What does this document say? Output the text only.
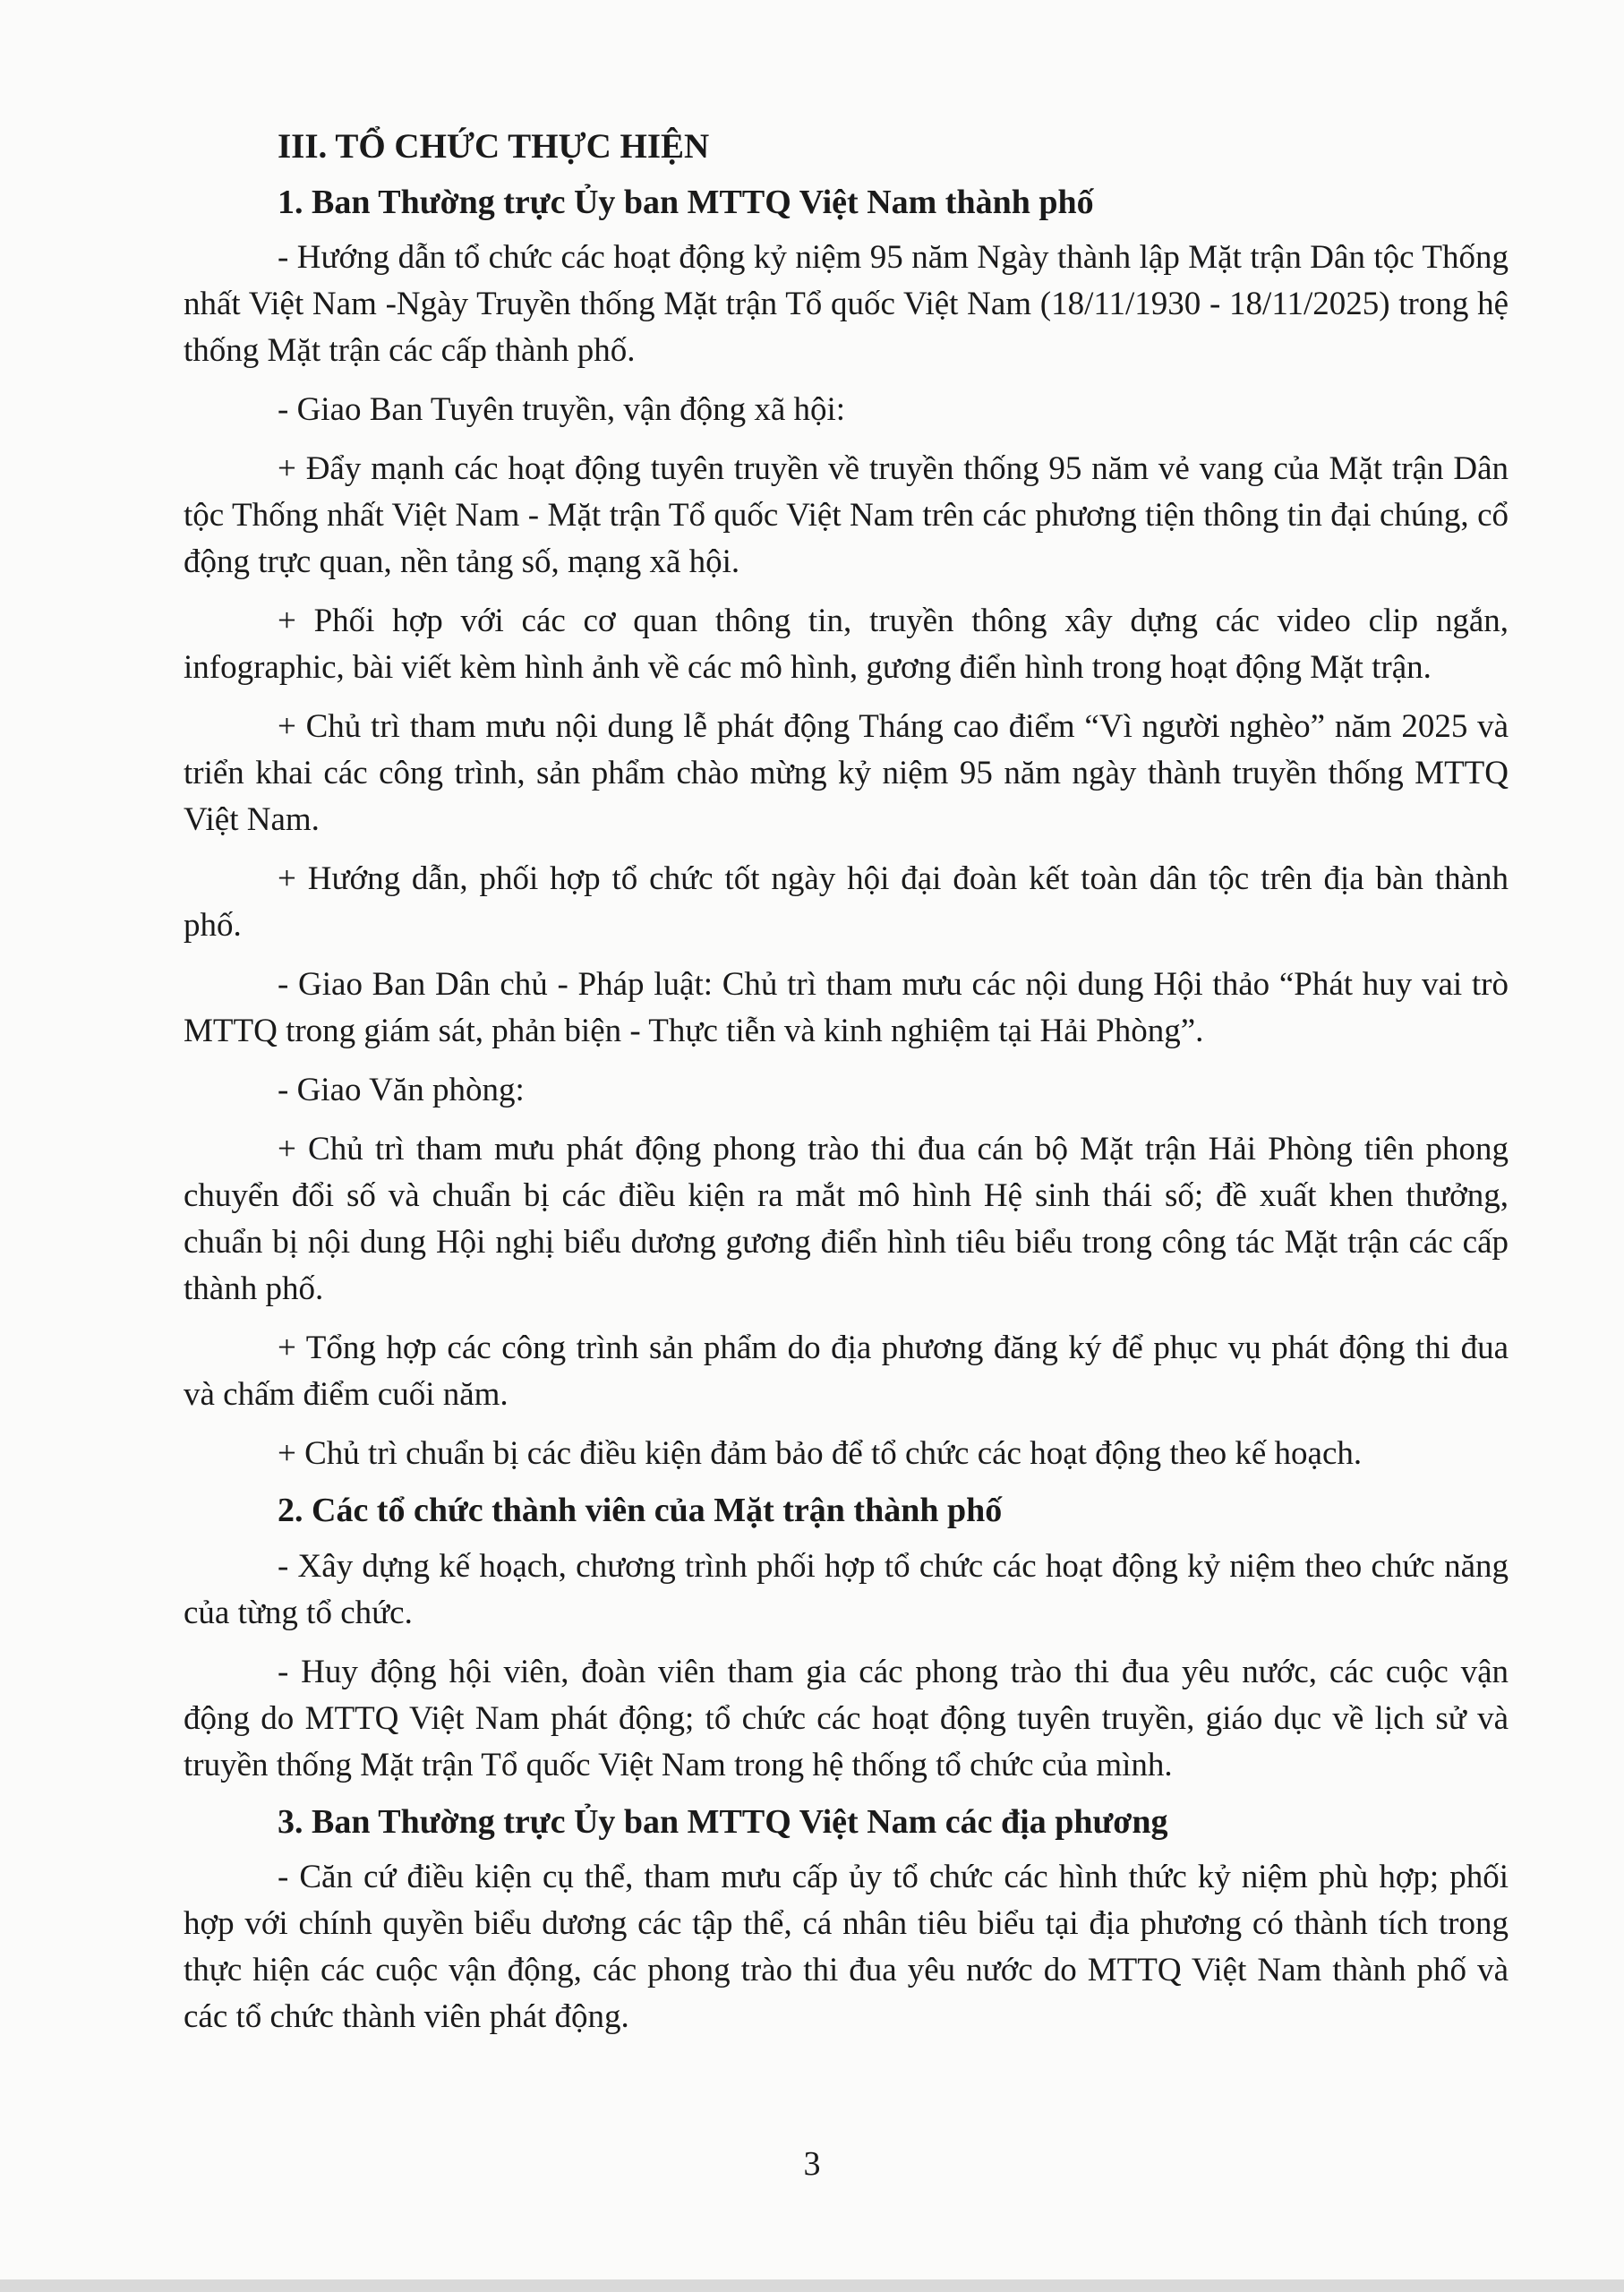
III. TỔ CHỨC THỰC HIỆN
1. Ban Thường trực Ủy ban MTTQ Việt Nam thành phố

- Hướng dẫn tổ chức các hoạt động kỷ niệm 95 năm Ngày thành lập Mặt trận Dân tộc Thống nhất Việt Nam -Ngày Truyền thống Mặt trận Tổ quốc Việt Nam (18/11/1930 - 18/11/2025) trong hệ thống Mặt trận các cấp thành phố.

- Giao Ban Tuyên truyền, vận động xã hội:

+ Đẩy mạnh các hoạt động tuyên truyền về truyền thống 95 năm vẻ vang của Mặt trận Dân tộc Thống nhất Việt Nam - Mặt trận Tổ quốc Việt Nam trên các phương tiện thông tin đại chúng, cổ động trực quan, nền tảng số, mạng xã hội.

+ Phối hợp với các cơ quan thông tin, truyền thông xây dựng các video clip ngắn, infographic, bài viết kèm hình ảnh về các mô hình, gương điển hình trong hoạt động Mặt trận.

+ Chủ trì tham mưu nội dung lễ phát động Tháng cao điểm “Vì người nghèo” năm 2025 và triển khai các công trình, sản phẩm chào mừng kỷ niệm 95 năm ngày thành truyền thống MTTQ Việt Nam.

+ Hướng dẫn, phối hợp tổ chức tốt ngày hội đại đoàn kết toàn dân tộc trên địa bàn thành phố.

- Giao Ban Dân chủ - Pháp luật: Chủ trì tham mưu các nội dung Hội thảo “Phát huy vai trò MTTQ trong giám sát, phản biện - Thực tiễn và kinh nghiệm tại Hải Phòng”.

- Giao Văn phòng:

+ Chủ trì tham mưu phát động phong trào thi đua cán bộ Mặt trận Hải Phòng tiên phong chuyển đổi số và chuẩn bị các điều kiện ra mắt mô hình Hệ sinh thái số; đề xuất khen thưởng, chuẩn bị nội dung Hội nghị biểu dương gương điển hình tiêu biểu trong công tác Mặt trận các cấp thành phố.

+ Tổng hợp các công trình sản phẩm do địa phương đăng ký để phục vụ phát động thi đua và chấm điểm cuối năm.

+ Chủ trì chuẩn bị các điều kiện đảm bảo để tổ chức các hoạt động theo kế hoạch.

2. Các tổ chức thành viên của Mặt trận thành phố

- Xây dựng kế hoạch, chương trình phối hợp tổ chức các hoạt động kỷ niệm theo chức năng của từng tổ chức.

- Huy động hội viên, đoàn viên tham gia các phong trào thi đua yêu nước, các cuộc vận động do MTTQ Việt Nam phát động; tổ chức các hoạt động tuyên truyền, giáo dục về lịch sử và truyền thống Mặt trận Tổ quốc Việt Nam trong hệ thống tổ chức của mình.

3. Ban Thường trực Ủy ban MTTQ Việt Nam các địa phương

- Căn cứ điều kiện cụ thể, tham mưu cấp ủy tổ chức các hình thức kỷ niệm phù hợp; phối hợp với chính quyền biểu dương các tập thể, cá nhân tiêu biểu tại địa phương có thành tích trong thực hiện các cuộc vận động, các phong trào thi đua yêu nước do MTTQ Việt Nam thành phố và các tổ chức thành viên phát động.

3
